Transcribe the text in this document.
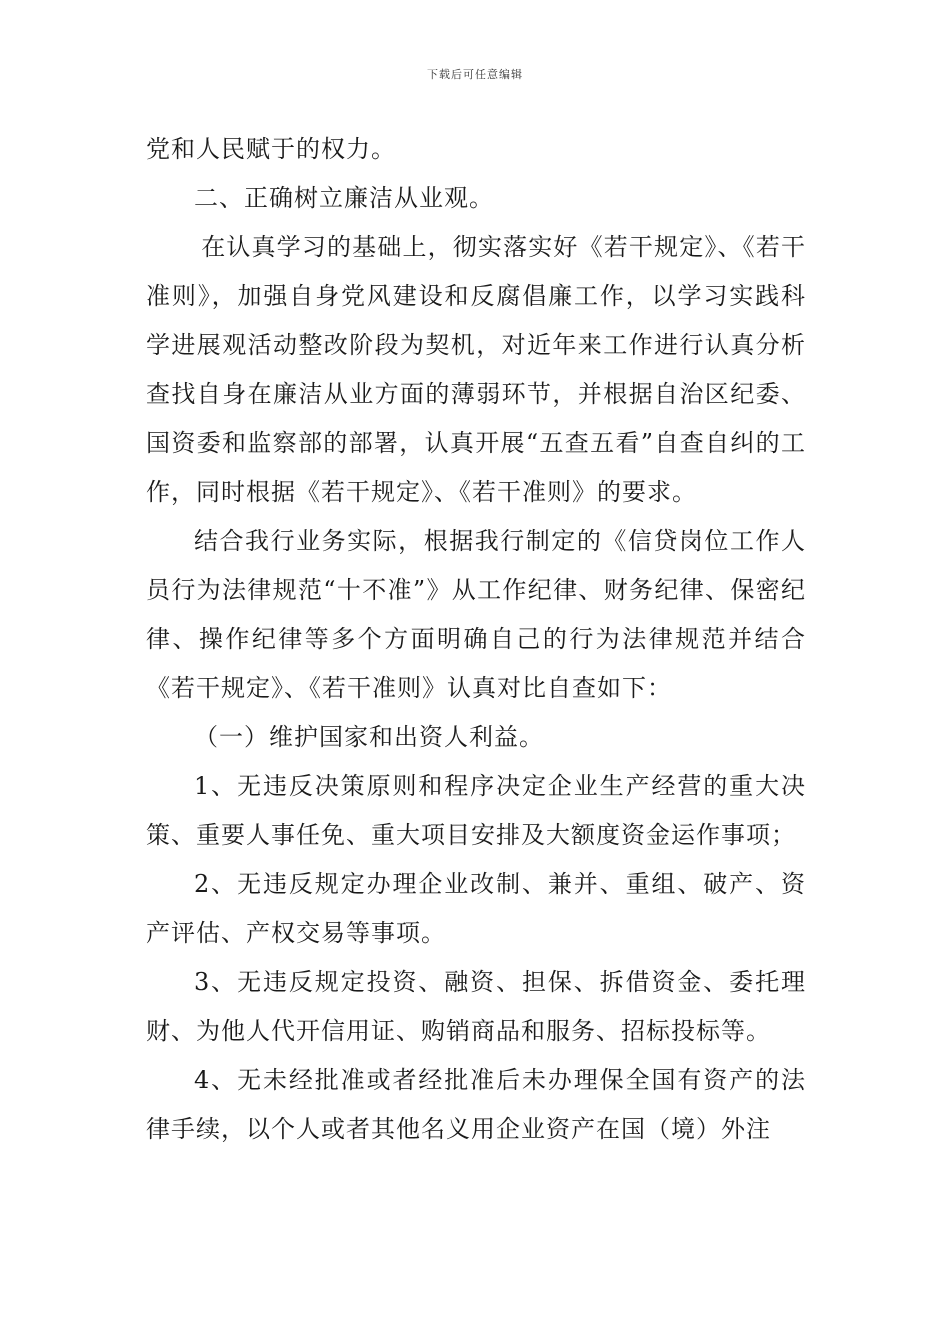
下载后可任意编辑

党和人民赋于的权力。

二、正确树立廉洁从业观。

在认真学习的基础上，彻实落实好《若干规定》、《若干准则》，加强自身党风建设和反腐倡廉工作，以学习实践科学进展观活动整改阶段为契机，对近年来工作进行认真分析查找自身在廉洁从业方面的薄弱环节，并根据自治区纪委、国资委和监察部的部署，认真开展“五查五看”自查自纠的工作，同时根据《若干规定》、《若干准则》的要求。

结合我行业务实际，根据我行制定的《信贷岗位工作人员行为法律规范“十不准”》从工作纪律、财务纪律、保密纪律、操作纪律等多个方面明确自己的行为法律规范并结合《若干规定》、《若干准则》认真对比自查如下：

（一）维护国家和出资人利益。

1、无违反决策原则和程序决定企业生产经营的重大决策、重要人事任免、重大项目安排及大额度资金运作事项；

2、无违反规定办理企业改制、兼并、重组、破产、资产评估、产权交易等事项。

3、无违反规定投资、融资、担保、拆借资金、委托理财、为他人代开信用证、购销商品和服务、招标投标等。

4、无未经批准或者经批准后未办理保全国有资产的法律手续，以个人或者其他名义用企业资产在国（境）外注
